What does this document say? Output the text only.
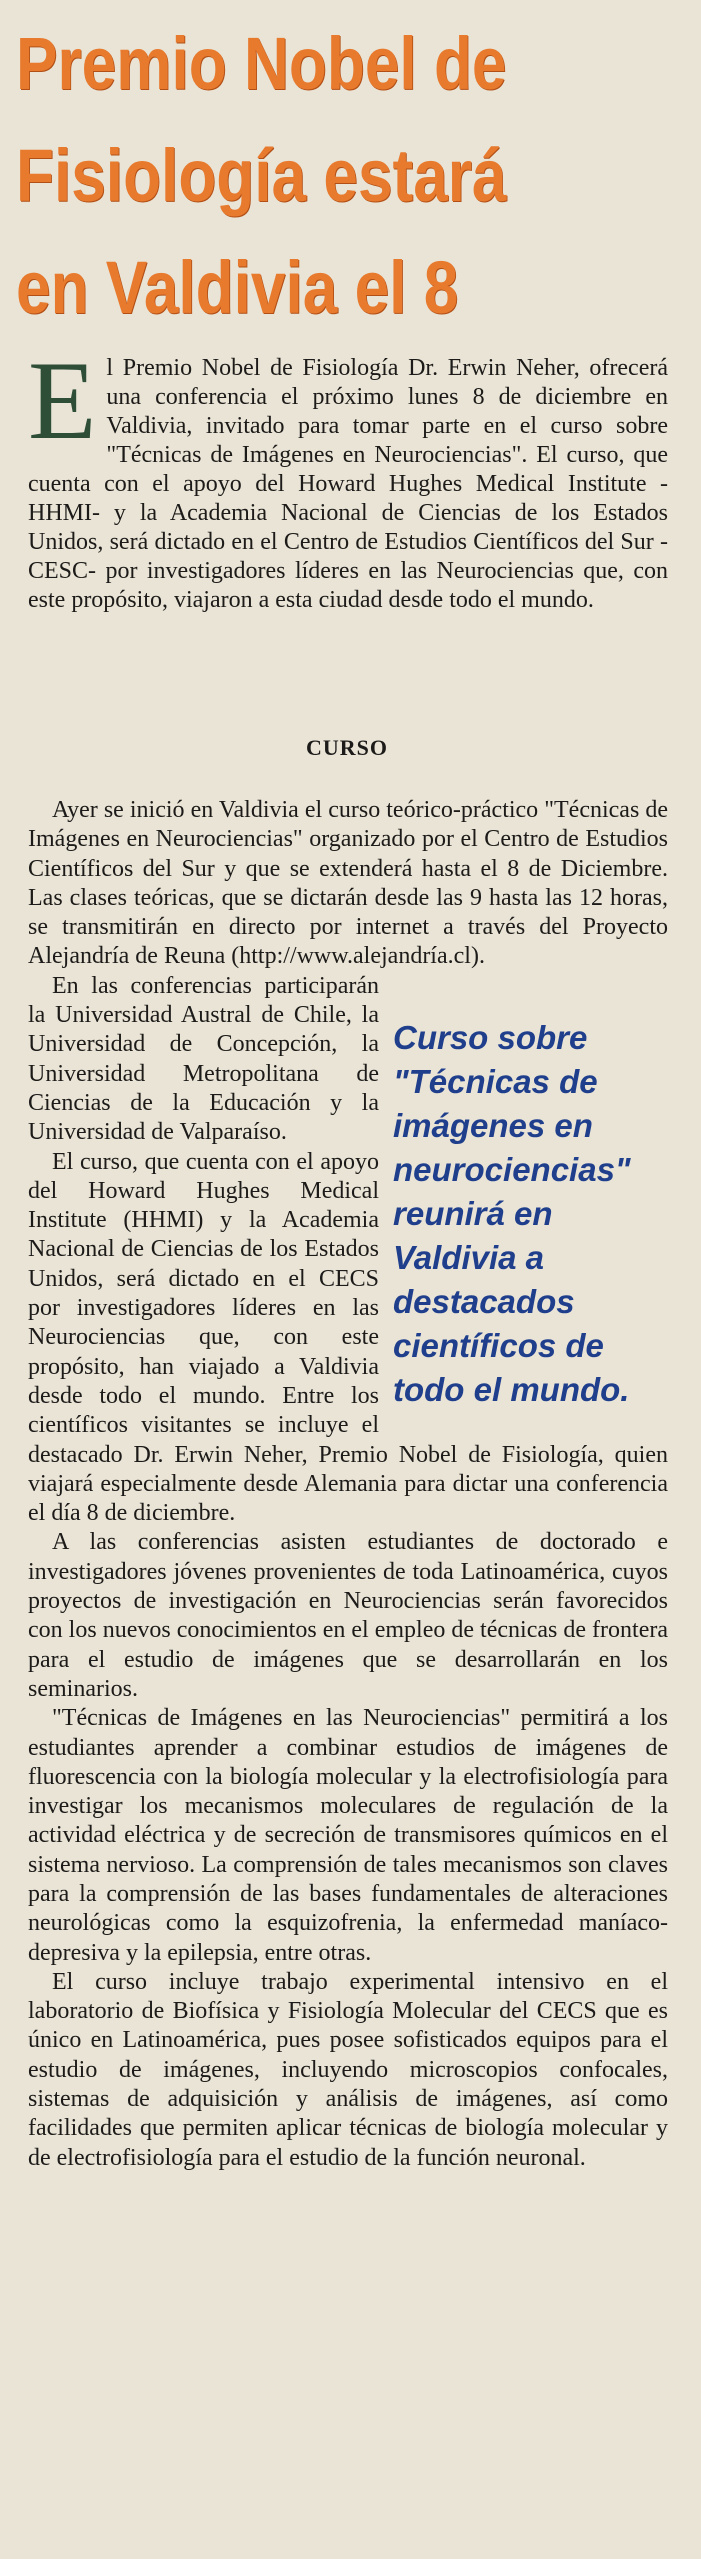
Premio Nobel de Fisiología estará en Valdivia el 8

El Premio Nobel de Fisiología Dr. Erwin Neher, ofrecerá una conferencia el próximo lunes 8 de diciembre en Valdivia, invitado para tomar parte en el curso sobre "Técnicas de Imágenes en Neurociencias". El curso, que cuenta con el apoyo del Howard Hughes Medical Institute -HHMI- y la Academia Nacional de Ciencias de los Estados Unidos, será dictado en el Centro de Estudios Científicos del Sur -CESC- por investigadores líderes en las Neurociencias que, con este propósito, viajaron a esta ciudad desde todo el mundo.

CURSO

Ayer se inició en Valdivia el curso teórico-práctico "Técnicas de Imágenes en Neurociencias" organizado por el Centro de Estudios Científicos del Sur y que se extenderá hasta el 8 de Diciembre. Las clases teóricas, que se dictarán desde las 9 hasta las 12 horas, se transmitirán en directo por internet a través del Proyecto Alejandría de Reuna (http://www.alejandría.cl).

Curso sobre "Técnicas de imágenes en neurociencias" reunirá en Valdivia a destacados científicos de todo el mundo.

En las conferencias participarán la Universidad Austral de Chile, la Universidad de Concepción, la Universidad Metropolitana de Ciencias de la Educación y la Universidad de Valparaíso.

El curso, que cuenta con el apoyo del Howard Hughes Medical Institute (HHMI) y la Academia Nacional de Ciencias de los Estados Unidos, será dictado en el CECS por investigadores líderes en las Neurociencias que, con este propósito, han viajado a Valdivia desde todo el mundo. Entre los científicos visitantes se incluye el destacado Dr. Erwin Neher, Premio Nobel de Fisiología, quien viajará especialmente desde Alemania para dictar una conferencia el día 8 de diciembre.

A las conferencias asisten estudiantes de doctorado e investigadores jóvenes provenientes de toda Latinoamérica, cuyos proyectos de investigación en Neurociencias serán favorecidos con los nuevos conocimientos en el empleo de técnicas de frontera para el estudio de imágenes que se desarrollarán en los seminarios.

"Técnicas de Imágenes en las Neurociencias" permitirá a los estudiantes aprender a combinar estudios de imágenes de fluorescencia con la biología molecular y la electrofisiología para investigar los mecanismos moleculares de regulación de la actividad eléctrica y de secreción de transmisores químicos en el sistema nervioso. La comprensión de tales mecanismos son claves para la comprensión de las bases fundamentales de alteraciones neurológicas como la esquizofrenia, la enfermedad maníaco-depresiva y la epilepsia, entre otras.

El curso incluye trabajo experimental intensivo en el laboratorio de Biofísica y Fisiología Molecular del CECS que es único en Latinoamérica, pues posee sofisticados equipos para el estudio de imágenes, incluyendo microscopios confocales, sistemas de adquisición y análisis de imágenes, así como facilidades que permiten aplicar técnicas de biología molecular y de electrofisiología para el estudio de la función neuronal.
